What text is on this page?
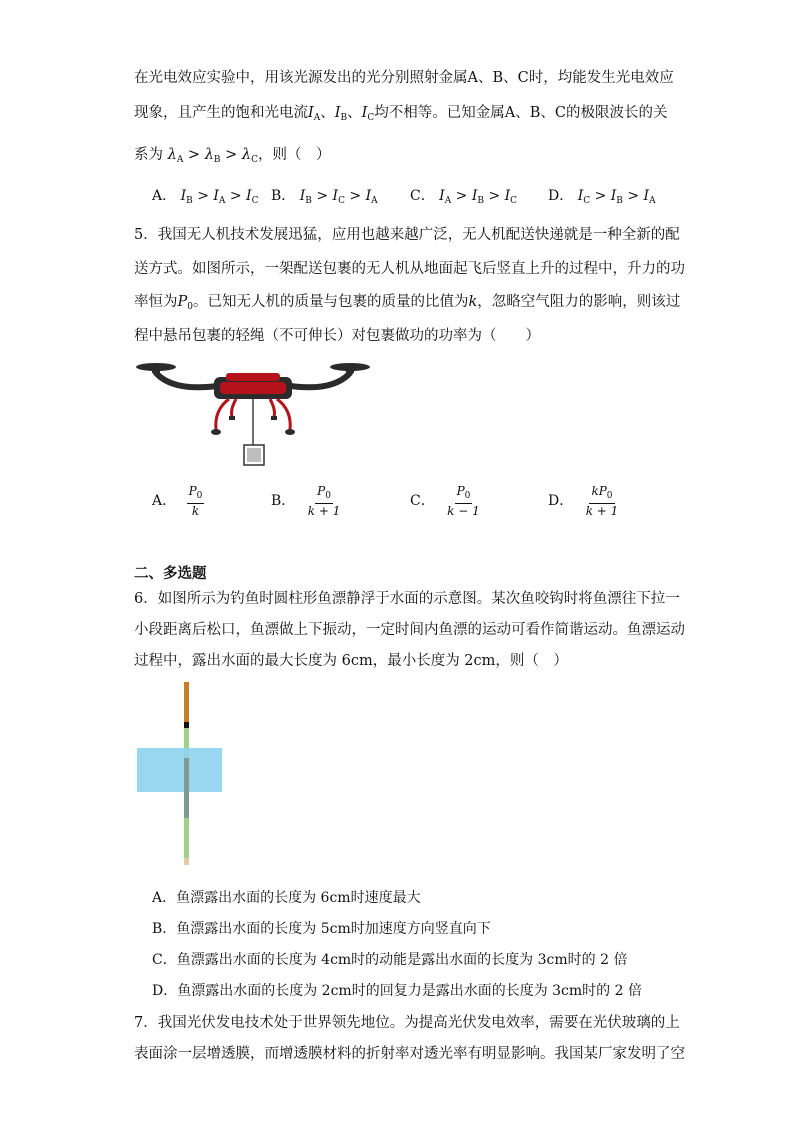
在光电效应实验中，用该光源发出的光分别照射金属A、B、C时，均能发生光电效应
现象，且产生的饱和光电流$I_A$、$I_B$、$I_C$均不相等。已知金属A、B、C的极限波长的关
系为 $\lambda_A > \lambda_B > \lambda_C$，则（　）
A． $I_B > I_A > I_C$ B． $I_B > I_C > I_A$ C． $I_A > I_B > I_C$ D． $I_C > I_B > I_A$
5．我国无人机技术发展迅猛，应用也越来越广泛，无人机配送快递就是一种全新的配
送方式。如图所示，一架配送包裹的无人机从地面起飞后竖直上升的过程中，升力的功
率恒为$P_0$。已知无人机的质量与包裹的质量的比值为k，忽略空气阻力的影响，则该过
程中悬吊包裹的轻绳（不可伸长）对包裹做功的功率为（　　）
A． $\frac{P_0}{k}$	B． $\frac{P_0}{k + 1}$	C． $\frac{P_0}{k - 1}$	D． $\frac{kP_0}{k + 1}$
二、多选题
6．如图所示为钓鱼时圆柱形鱼漂静浮于水面的示意图。某次鱼咬钩时将鱼漂往下拉一
小段距离后松口，鱼漂做上下振动，一定时间内鱼漂的运动可看作简谐运动。鱼漂运动
过程中，露出水面的最大长度为 6cm，最小长度为 2cm，则（　）
A．鱼漂露出水面的长度为 6cm时速度最大
B．鱼漂露出水面的长度为 5cm时加速度方向竖直向下
C．鱼漂露出水面的长度为 4cm时的动能是露出水面的长度为 3cm时的 2 倍
D．鱼漂露出水面的长度为 2cm时的回复力是露出水面的长度为 3cm时的 2 倍
7．我国光伏发电技术处于世界领先地位。为提高光伏发电效率，需要在光伏玻璃的上
表面涂一层增透膜，而增透膜材料的折射率对透光率有明显影响。我国某厂家发明了空
